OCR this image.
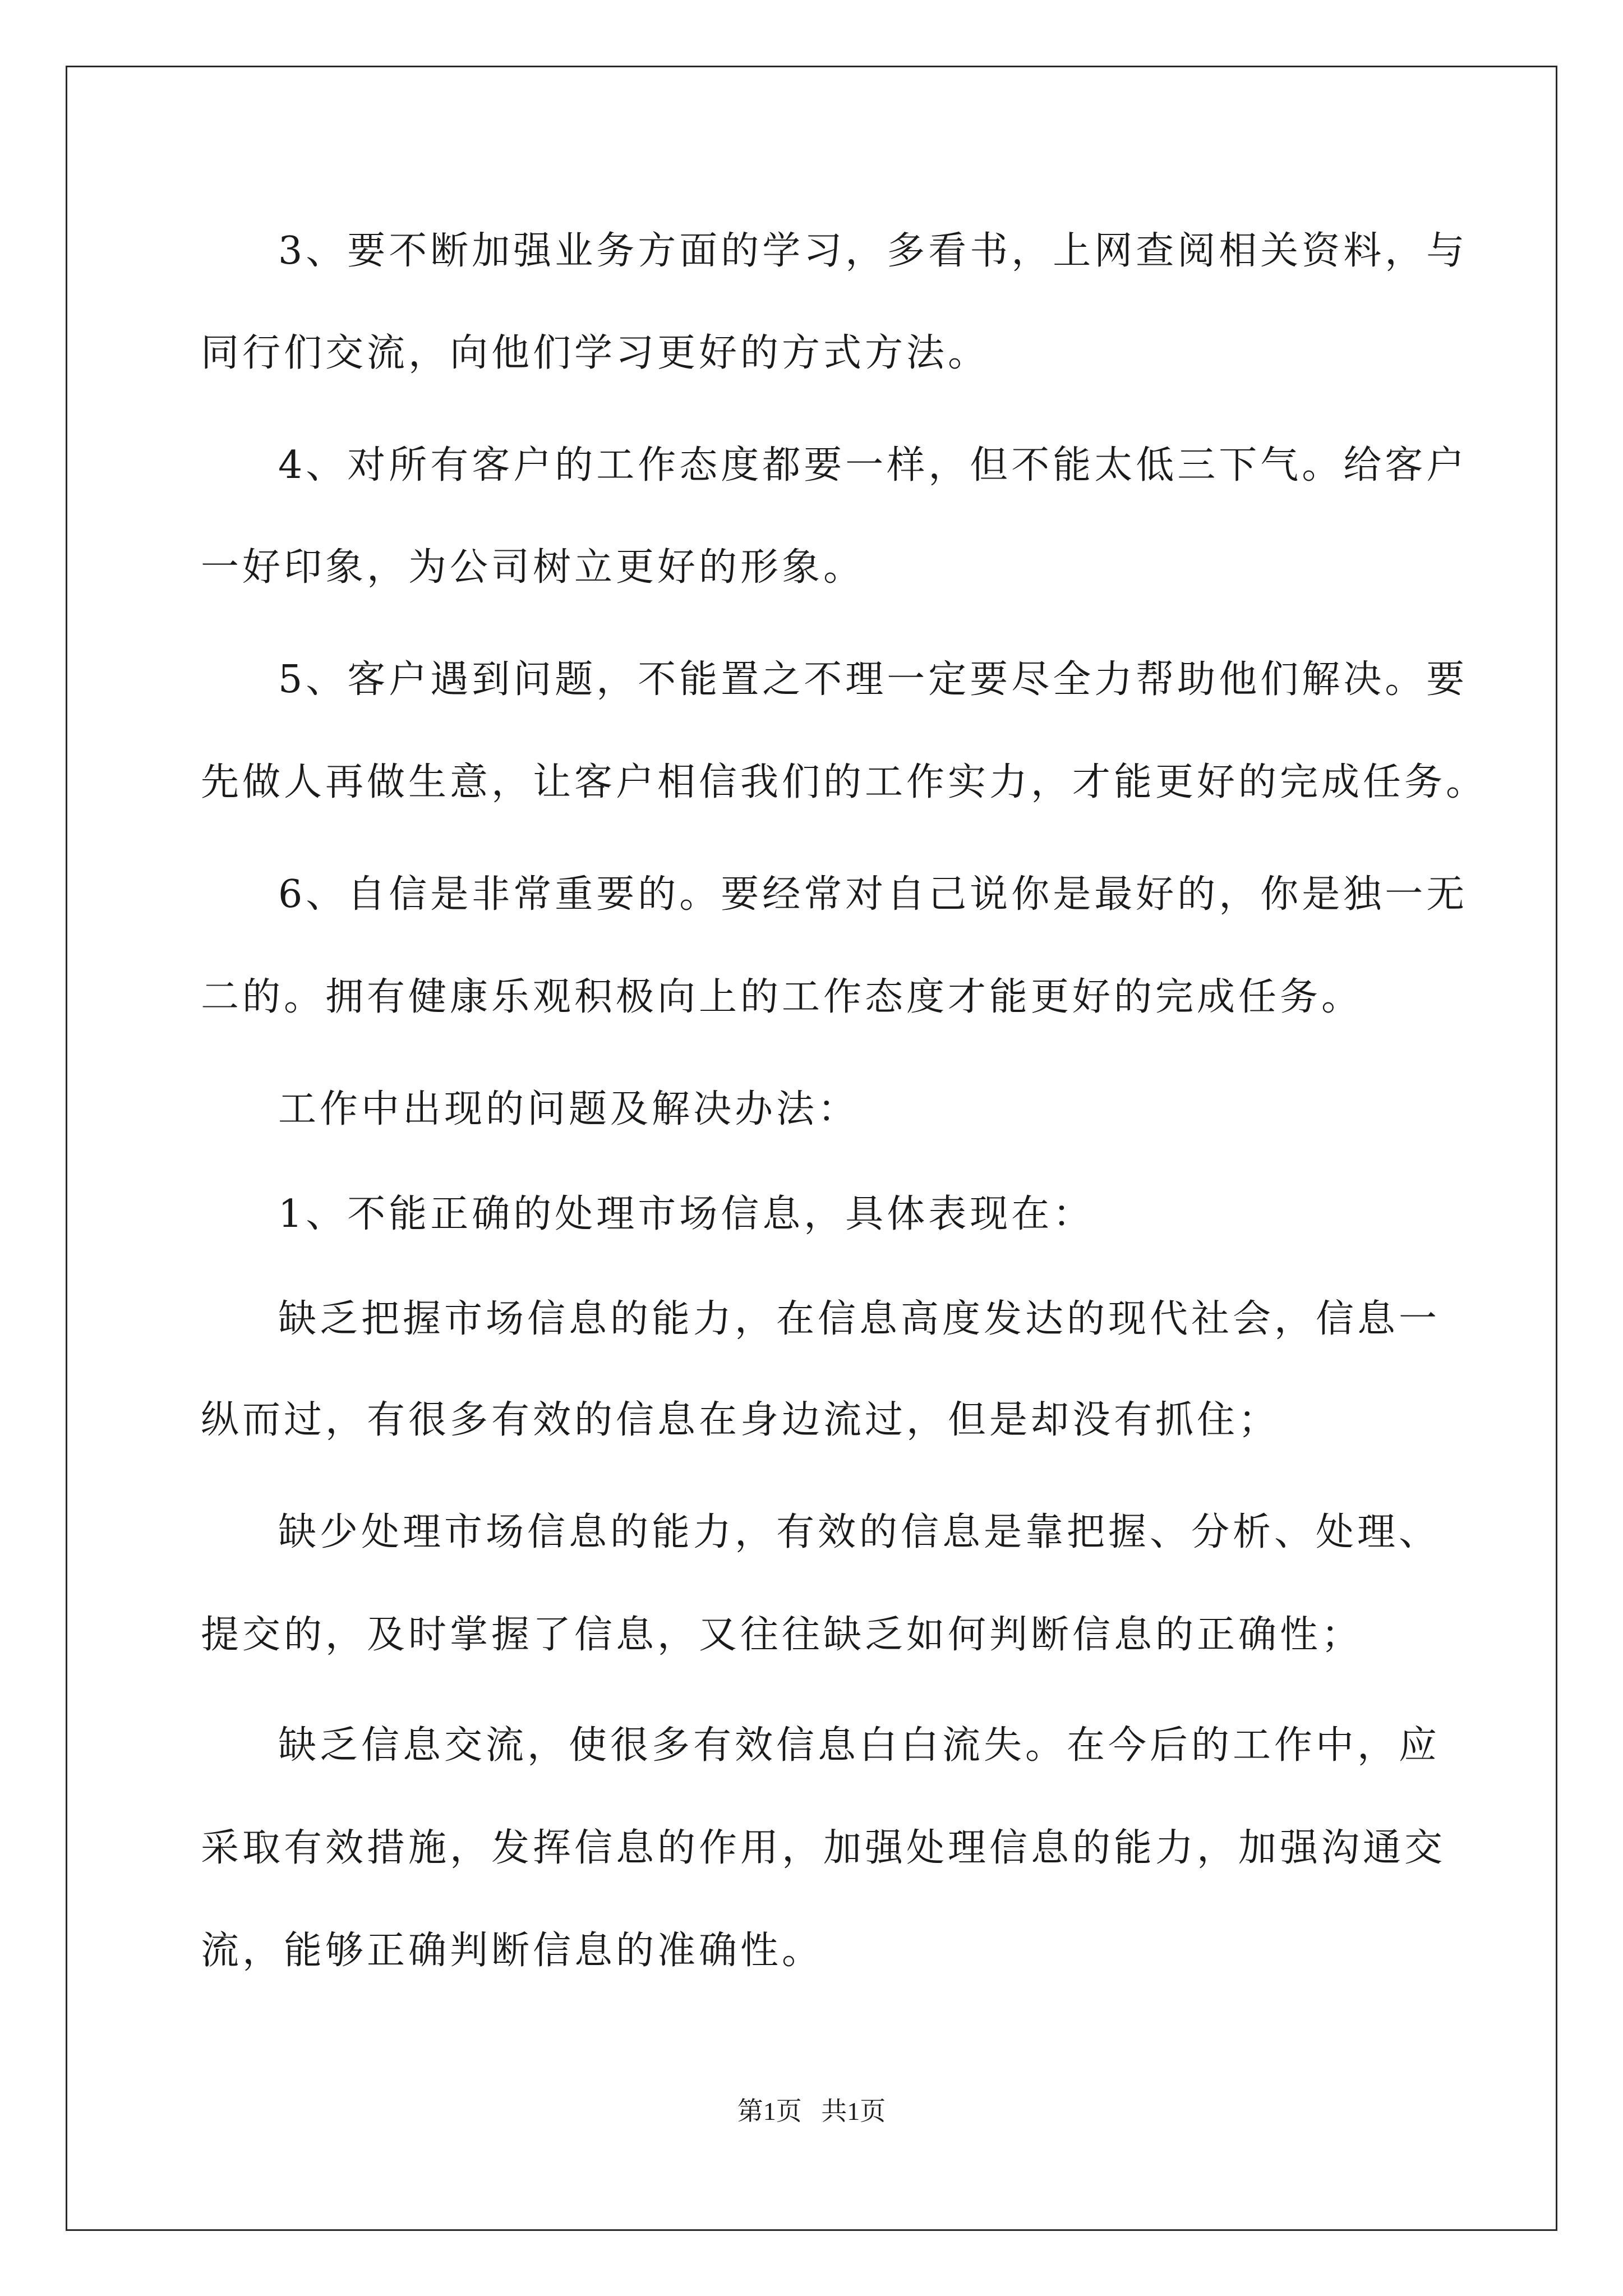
3、要不断加强业务方面的学习，多看书，上网查阅相关资料，与
同行们交流，向他们学习更好的方式方法。
4、对所有客户的工作态度都要一样，但不能太低三下气。给客户
一好印象，为公司树立更好的形象。
5、客户遇到问题，不能置之不理一定要尽全力帮助他们解决。要
先做人再做生意，让客户相信我们的工作实力，才能更好的完成任务。
6、自信是非常重要的。要经常对自己说你是最好的，你是独一无
二的。拥有健康乐观积极向上的工作态度才能更好的完成任务。
工作中出现的问题及解决办法：
1、不能正确的处理市场信息，具体表现在：
缺乏把握市场信息的能力，在信息高度发达的现代社会，信息一
纵而过，有很多有效的信息在身边流过，但是却没有抓住；
缺少处理市场信息的能力，有效的信息是靠把握、分析、处理、
提交的，及时掌握了信息，又往往缺乏如何判断信息的正确性；
缺乏信息交流，使很多有效信息白白流失。在今后的工作中，应
采取有效措施，发挥信息的作用，加强处理信息的能力，加强沟通交
流，能够正确判断信息的准确性。
第1页   共1页
